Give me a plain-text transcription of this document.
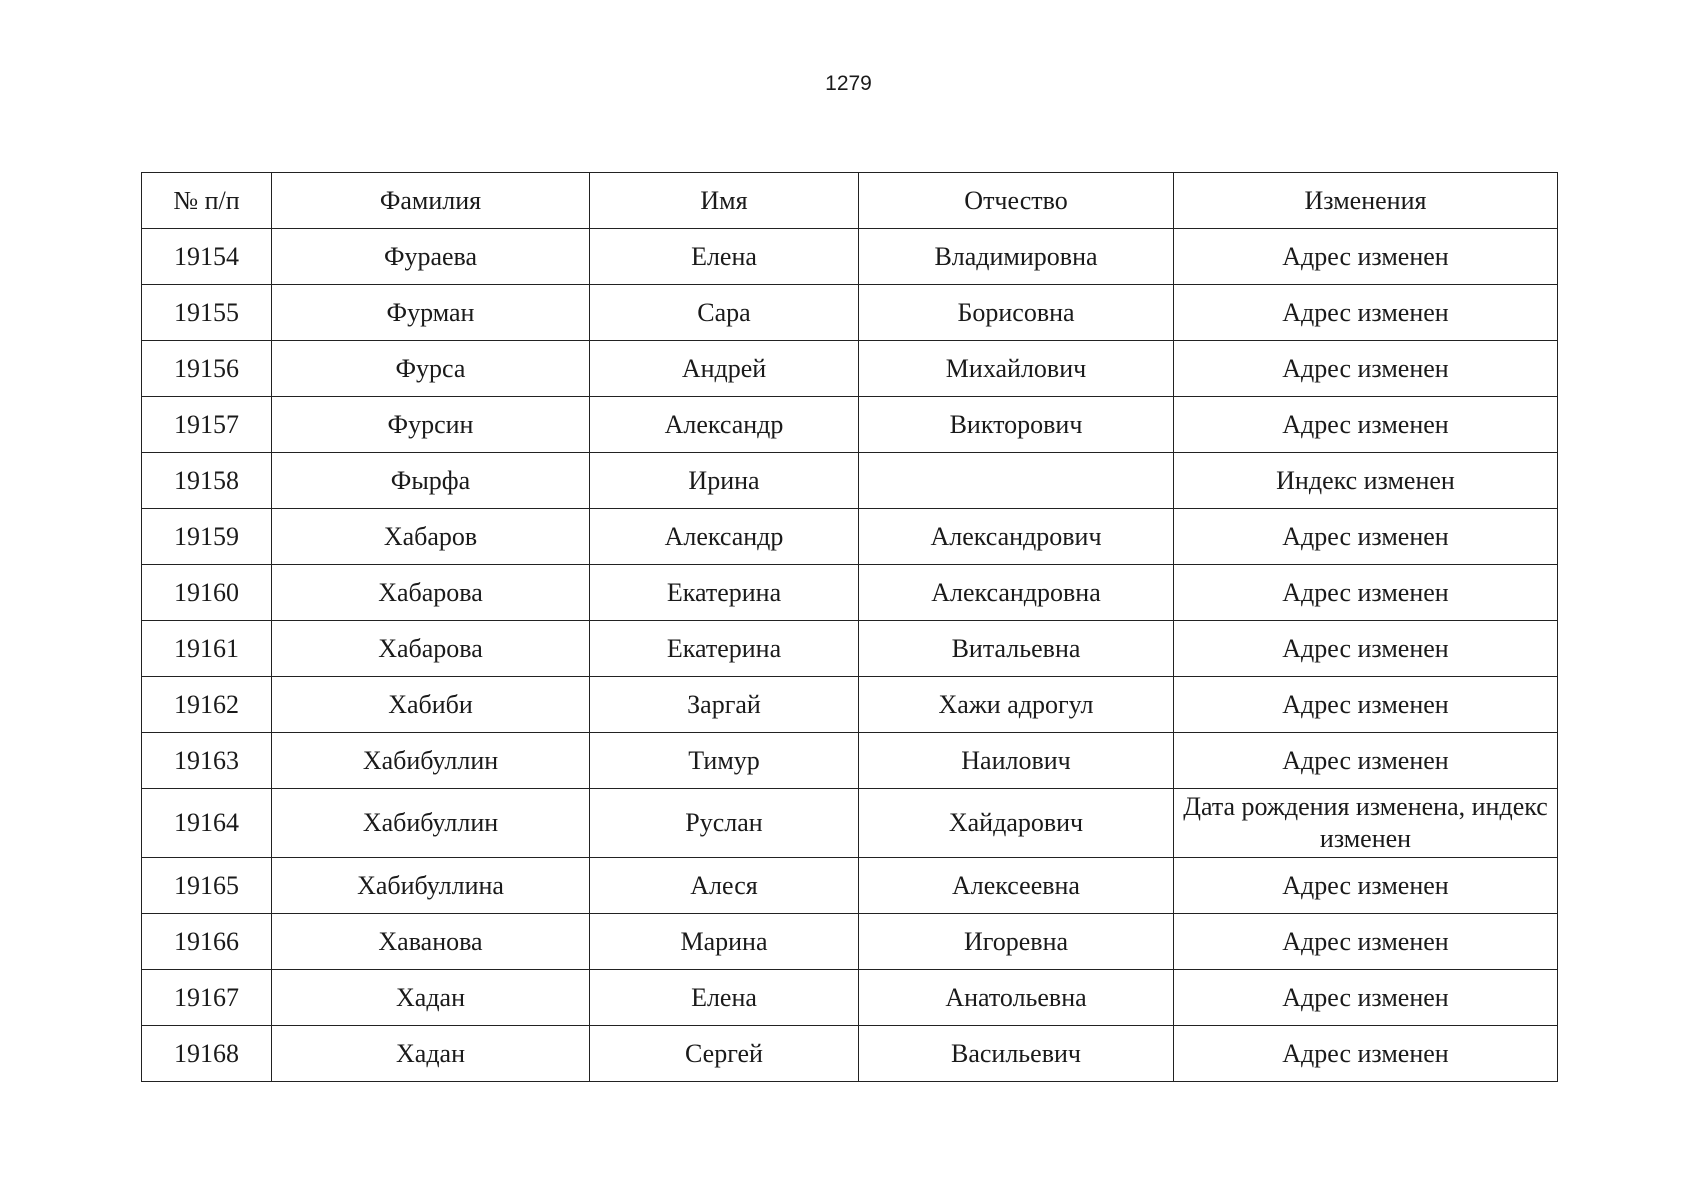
1279
№ п/п	Фамилия	Имя	Отчество	Изменения
19154	Фураева	Елена	Владимировна	Адрес изменен
19155	Фурман	Сара	Борисовна	Адрес изменен
19156	Фурса	Андрей	Михайлович	Адрес изменен
19157	Фурсин	Александр	Викторович	Адрес изменен
19158	Фырфа	Ирина		Индекс изменен
19159	Хабаров	Александр	Александрович	Адрес изменен
19160	Хабарова	Екатерина	Александровна	Адрес изменен
19161	Хабарова	Екатерина	Витальевна	Адрес изменен
19162	Хабиби	Заргай	Хажи адрогул	Адрес изменен
19163	Хабибуллин	Тимур	Наилович	Адрес изменен
19164	Хабибуллин	Руслан	Хайдарович	Дата рождения изменена, индекс изменен
19165	Хабибуллина	Алеся	Алексеевна	Адрес изменен
19166	Хаванова	Марина	Игоревна	Адрес изменен
19167	Хадан	Елена	Анатольевна	Адрес изменен
19168	Хадан	Сергей	Васильевич	Адрес изменен
